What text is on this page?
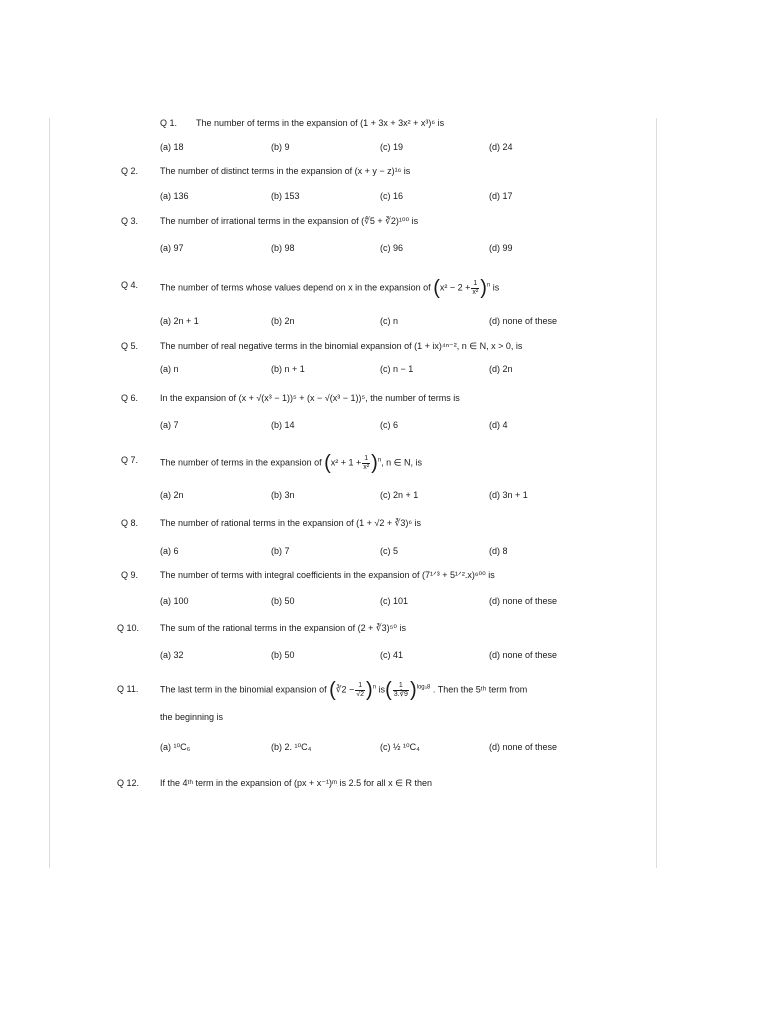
Q 1. The number of terms in the expansion of (1 + 3x + 3x² + x³)⁶ is
(a) 18	(b) 9	(c) 19	(d) 24
Q 2. The number of distinct terms in the expansion of (x + y − z)¹⁶ is
(a) 136	(b) 153	(c) 16	(d) 17
Q 3. The number of irrational terms in the expansion of (∜5 + ∛2)¹⁰⁰ is
(a) 97	(b) 98	(c) 96	(d) 99
Q 4. The number of terms whose values depend on x in the expansion of $(x^2 - 2 + \frac{1}{\text{x²}} )^n$ is
(a) 2n + 1	(b) 2n	(c) n	(d) none of these
Q 5. The number of real negative terms in the binomial expansion of (1 + ix)⁴ⁿ⁻², n ∈ N, x > 0, is
(a) n	(b) n + 1	(c) n − 1	(d) 2n
Q 6. In the expansion of (x + √(x³ − 1))⁵ + (x − √(x³ − 1))⁵, the number of terms is
(a) 7	(b) 14	(c) 6	(d) 4
Q 7. The number of terms in the expansion of $(x^2 + 1 + \frac{1}{\text{x²}} )^n$, n ∈ N, is
(a) 2n	(b) 3n	(c) 2n + 1	(d) 3n + 1
Q 8. The number of rational terms in the expansion of (1 + √2 + ∛3)⁶ is
(a) 6	(b) 7	(c) 5	(d) 8
Q 9. The number of terms with integral coefficients in the expansion of (7¹ᐟ³ + 5¹ᐟ².x)⁶⁰⁰ is
(a) 100	(b) 50	(c) 101	(d) none of these
Q 10. The sum of the rational terms in the expansion of (2 + ∛3)⁵⁰ is
(a) 32	(b) 50	(c) 41	(d) none of these
Q 11. The last term in the binomial expansion of (∛2 − $\frac{1}{√2} )^n$ $is( \frac{1}{3.∛9} )^{log_38}$ . Then the 5ᵗʰ term from
the beginning is
(a) ¹⁰C₆	(b) 2. ¹⁰C₄	(c) ½ ¹⁰C₄	(d) none of these
Q 12. If the 4ᵗʰ term in the expansion of (px + x⁻¹)ᵐ is 2.5 for all x ∈ R then
